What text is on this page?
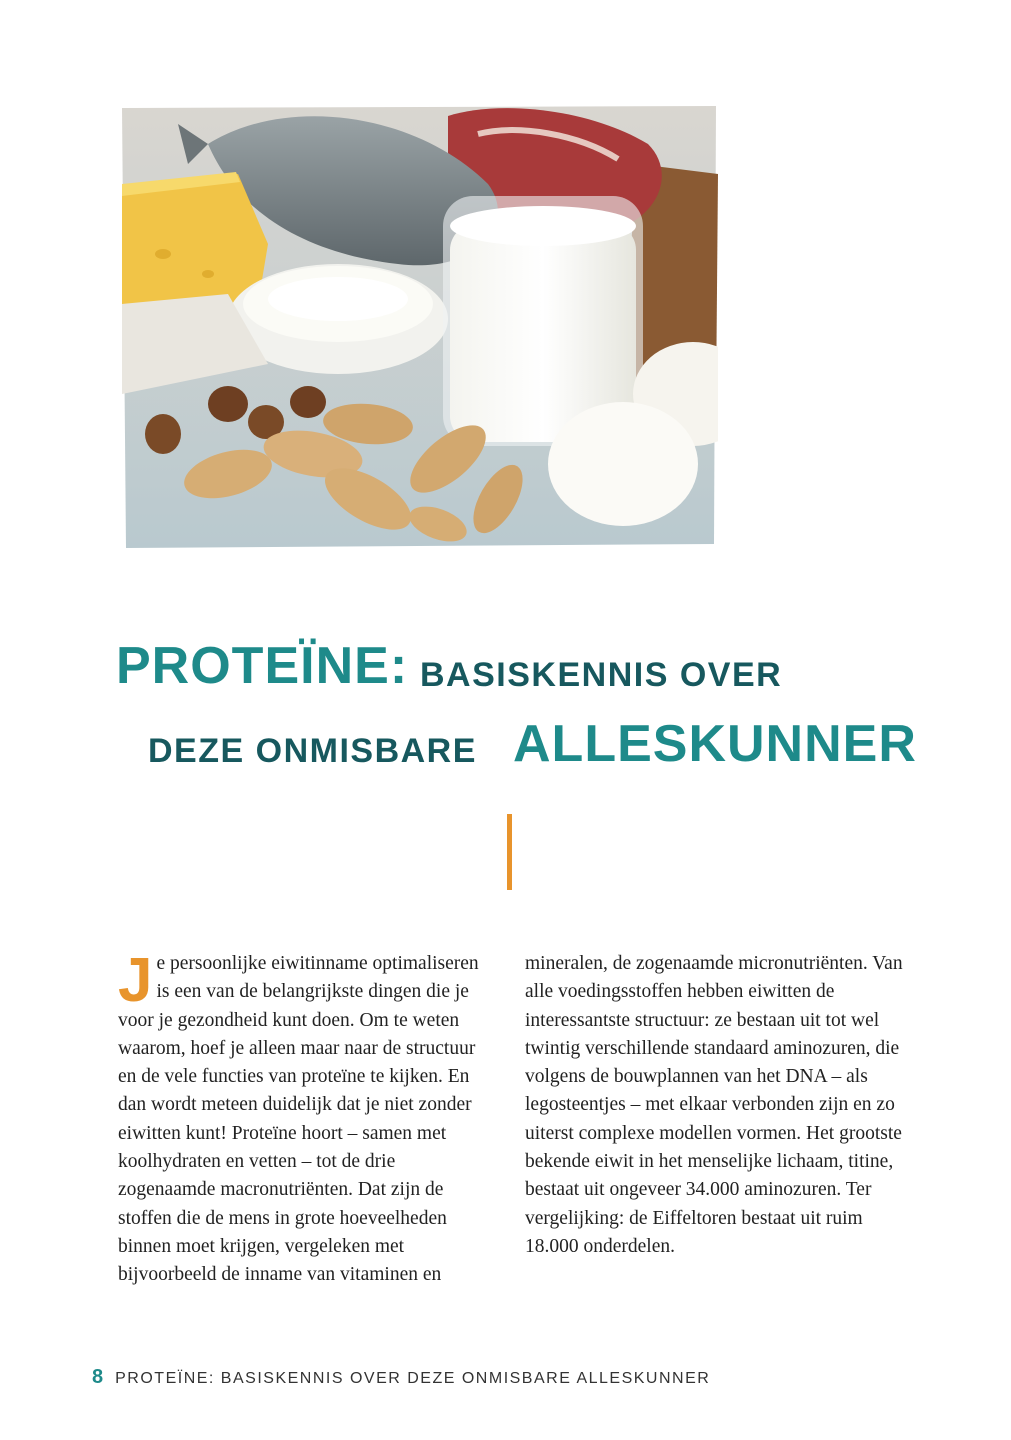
PROTEÏNE: BASISKENNIS OVER
DEZE ONMISBARE ALLESKUNNER

Je persoonlijke eiwitinname optimaliseren is een van de belangrijkste dingen die je voor je gezondheid kunt doen. Om te weten waarom, hoef je alleen maar naar de structuur en de vele functies van proteïne te kijken. En dan wordt meteen duidelijk dat je niet zonder eiwitten kunt! Proteïne hoort – samen met koolhydraten en vetten – tot de drie zogenaamde macronutriënten. Dat zijn de stoffen die de mens in grote hoeveelheden binnen moet krijgen, vergeleken met bijvoorbeeld de inname van vitaminen en

mineralen, de zogenaamde micronutriënten. Van alle voedingsstoffen hebben eiwitten de interessantste structuur: ze bestaan uit tot wel twintig verschillende standaard aminozuren, die volgens de bouwplannen van het DNA – als legosteentjes – met elkaar verbonden zijn en zo uiterst complexe modellen vormen. Het grootste bekende eiwit in het menselijke lichaam, titine, bestaat uit ongeveer 34.000 aminozuren. Ter vergelijking: de Eiffeltoren bestaat uit ruim 18.000 onderdelen.

8 PROTEÏNE: BASISKENNIS OVER DEZE ONMISBARE ALLESKUNNER
